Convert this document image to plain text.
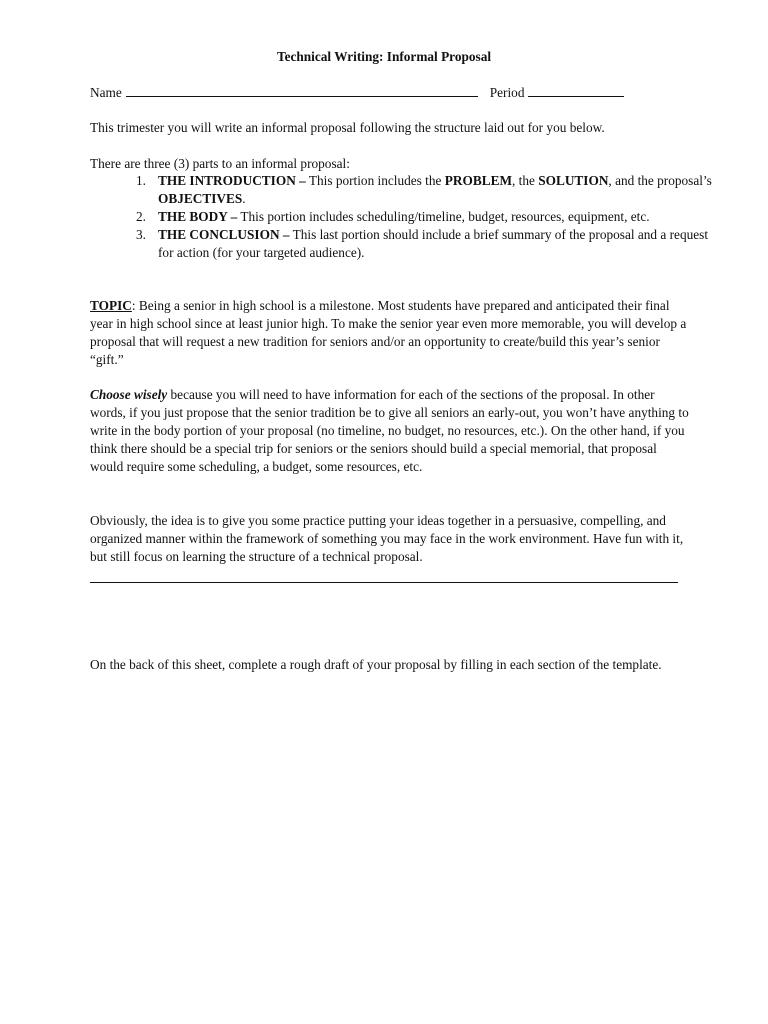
Technical Writing: Informal Proposal
Name	Period

This trimester you will write an informal proposal following the structure laid out for you below.

There are three (3) parts to an informal proposal:

1. THE INTRODUCTION – This portion includes the PROBLEM, the SOLUTION, and the proposal’s OBJECTIVES.
2. THE BODY – This portion includes scheduling/timeline, budget, resources, equipment, etc.
3. THE CONCLUSION – This last portion should include a brief summary of the proposal and a request for action (for your targeted audience).

TOPIC: Being a senior in high school is a milestone. Most students have prepared and anticipated their final year in high school since at least junior high. To make the senior year even more memorable, you will develop a proposal that will request a new tradition for seniors and/or an opportunity to create/build this year’s senior “gift.”

Choose wisely because you will need to have information for each of the sections of the proposal. In other words, if you just propose that the senior tradition be to give all seniors an early-out, you won’t have anything to write in the body portion of your proposal (no timeline, no budget, no resources, etc.). On the other hand, if you think there should be a special trip for seniors or the seniors should build a special memorial, that proposal would require some scheduling, a budget, some resources, etc.

Obviously, the idea is to give you some practice putting your ideas together in a persuasive, compelling, and organized manner within the framework of something you may face in the work environment. Have fun with it, but still focus on learning the structure of a technical proposal.

On the back of this sheet, complete a rough draft of your proposal by filling in each section of the template.
